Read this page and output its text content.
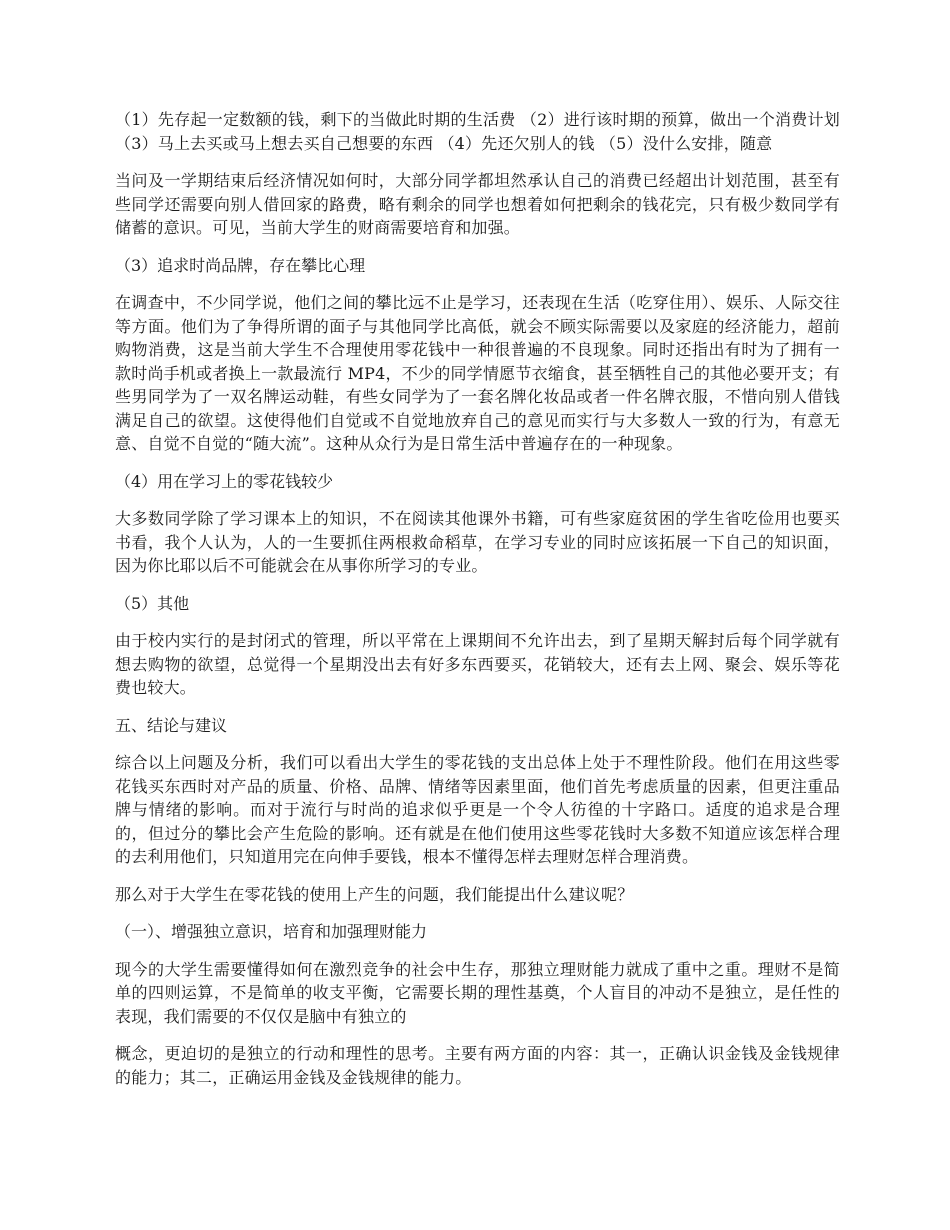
（1）先存起一定数额的钱，剩下的当做此时期的生活费 （2）进行该时期的预算，做出一个消费计划 （3）马上去买或马上想去买自己想要的东西 （4）先还欠别人的钱 （5）没什么安排，随意

当问及一学期结束后经济情况如何时，大部分同学都坦然承认自己的消费已经超出计划范围，甚至有些同学还需要向别人借回家的路费，略有剩余的同学也想着如何把剩余的钱花完，只有极少数同学有储蓄的意识。可见，当前大学生的财商需要培育和加强。

（3）追求时尚品牌，存在攀比心理

在调查中，不少同学说，他们之间的攀比远不止是学习，还表现在生活（吃穿住用）、娱乐、人际交往等方面。他们为了争得所谓的面子与其他同学比高低，就会不顾实际需要以及家庭的经济能力，超前购物消费，这是当前大学生不合理使用零花钱中一种很普遍的不良现象。同时还指出有时为了拥有一款时尚手机或者换上一款最流行 MP4，不少的同学情愿节衣缩食，甚至牺牲自己的其他必要开支；有些男同学为了一双名牌运动鞋，有些女同学为了一套名牌化妆品或者一件名牌衣服，不惜向别人借钱满足自己的欲望。这使得他们自觉或不自觉地放弃自己的意见而实行与大多数人一致的行为，有意无意、自觉不自觉的“随大流”。这种从众行为是日常生活中普遍存在的一种现象。

（4）用在学习上的零花钱较少

大多数同学除了学习课本上的知识，不在阅读其他课外书籍，可有些家庭贫困的学生省吃俭用也要买书看，我个人认为，人的一生要抓住两根救命稻草，在学习专业的同时应该拓展一下自己的知识面，因为你比耶以后不可能就会在从事你所学习的专业。

（5）其他

由于校内实行的是封闭式的管理，所以平常在上课期间不允许出去，到了星期天解封后每个同学就有想去购物的欲望，总觉得一个星期没出去有好多东西要买，花销较大，还有去上网、聚会、娱乐等花费也较大。

五、结论与建议

综合以上问题及分析，我们可以看出大学生的零花钱的支出总体上处于不理性阶段。他们在用这些零花钱买东西时对产品的质量、价格、品牌、情绪等因素里面，他们首先考虑质量的因素，但更注重品牌与情绪的影响。而对于流行与时尚的追求似乎更是一个令人彷徨的十字路口。适度的追求是合理的，但过分的攀比会产生危险的影响。还有就是在他们使用这些零花钱时大多数不知道应该怎样合理的去利用他们，只知道用完在向伸手要钱，根本不懂得怎样去理财怎样合理消费。

那么对于大学生在零花钱的使用上产生的问题，我们能提出什么建议呢？

（一）、增强独立意识，培育和加强理财能力

现今的大学生需要懂得如何在激烈竞争的社会中生存，那独立理财能力就成了重中之重。理财不是简单的四则运算，不是简单的收支平衡，它需要长期的理性基奠，个人盲目的冲动不是独立，是任性的表现，我们需要的不仅仅是脑中有独立的

概念，更迫切的是独立的行动和理性的思考。主要有两方面的内容：其一，正确认识金钱及金钱规律的能力；其二，正确运用金钱及金钱规律的能力。
